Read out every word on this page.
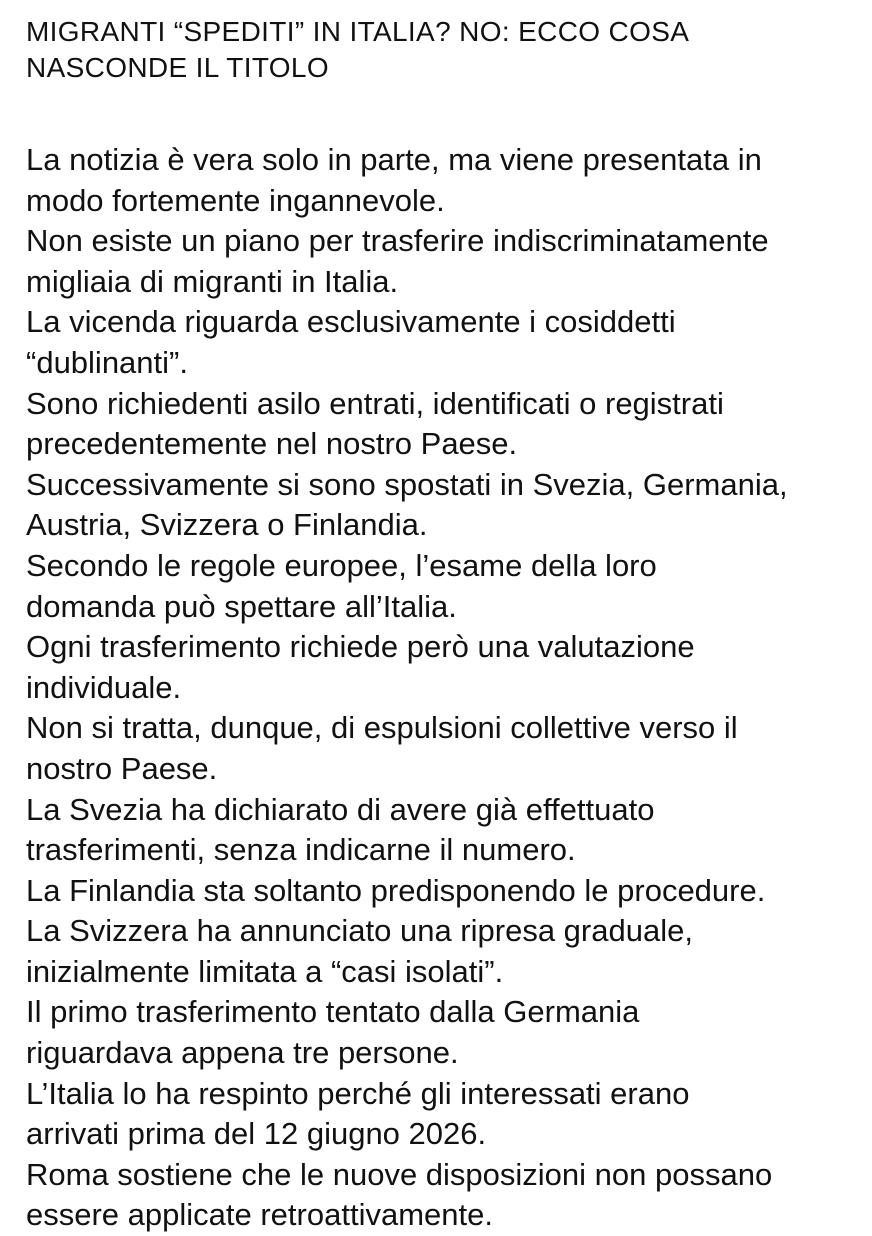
MIGRANTI “SPEDITI” IN ITALIA? NO: ECCO COSA
NASCONDE IL TITOLO
La notizia è vera solo in parte, ma viene presentata in
modo fortemente ingannevole.
Non esiste un piano per trasferire indiscriminatamente
migliaia di migranti in Italia.
La vicenda riguarda esclusivamente i cosiddetti
“dublinanti”.
Sono richiedenti asilo entrati, identificati o registrati
precedentemente nel nostro Paese.
Successivamente si sono spostati in Svezia, Germania,
Austria, Svizzera o Finlandia.
Secondo le regole europee, l’esame della loro
domanda può spettare all’Italia.
Ogni trasferimento richiede però una valutazione
individuale.
Non si tratta, dunque, di espulsioni collettive verso il
nostro Paese.
La Svezia ha dichiarato di avere già effettuato
trasferimenti, senza indicarne il numero.
La Finlandia sta soltanto predisponendo le procedure.
La Svizzera ha annunciato una ripresa graduale,
inizialmente limitata a “casi isolati”.
Il primo trasferimento tentato dalla Germania
riguardava appena tre persone.
L’Italia lo ha respinto perché gli interessati erano
arrivati prima del 12 giugno 2026.
Roma sostiene che le nuove disposizioni non possano
essere applicate retroattivamente.
